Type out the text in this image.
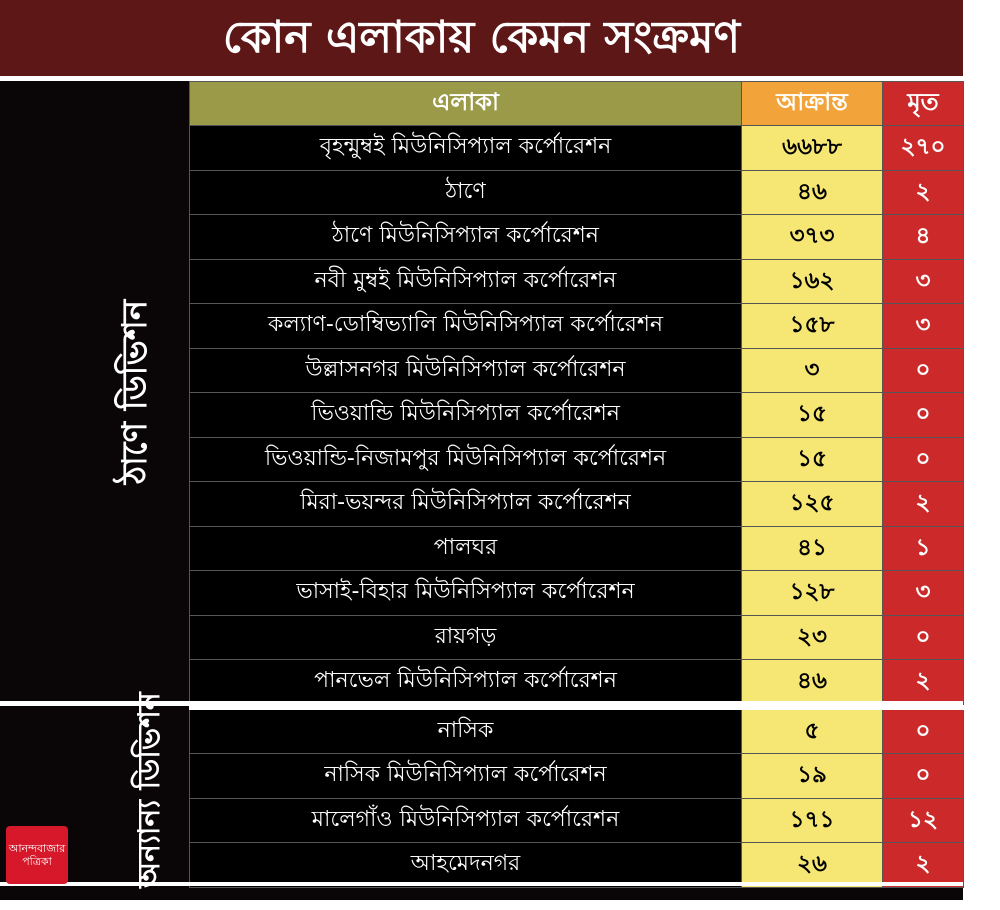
কোন এলাকায় কেমন সংক্রমণ
এলাকা	আক্রান্ত	মৃত
বৃহন্মুম্বই মিউনিসিপ্যাল কর্পোরেশন	৬৬৮৮	২৭০
ঠাণে	৪৬	২
ঠাণে মিউনিসিপ্যাল কর্পোরেশন	৩৭৩	৪
নবী মুম্বই মিউনিসিপ্যাল কর্পোরেশন	১৬২	৩
কল্যাণ-ডোম্বিভ্যালি মিউনিসিপ্যাল কর্পোরেশন	১৫৮	৩
উল্লাসনগর মিউনিসিপ্যাল কর্পোরেশন	৩	০
ভিওয়ান্ডি মিউনিসিপ্যাল কর্পোরেশন	১৫	০
ভিওয়ান্ডি-নিজামপুর মিউনিসিপ্যাল কর্পোরেশন	১৫	০
মিরা-ভয়ন্দর মিউনিসিপ্যাল কর্পোরেশন	১২৫	২
পালঘর	৪১	১
ভাসাই-বিহার মিউনিসিপ্যাল কর্পোরেশন	১২৮	৩
রায়গড়	২৩	০
পানভেল মিউনিসিপ্যাল কর্পোরেশন	৪৬	২

নাসিক	৫	০
নাসিক মিউনিসিপ্যাল কর্পোরেশন	১৯	০
মালেগাঁও মিউনিসিপ্যাল কর্পোরেশন	১৭১	১২
আহমেদনগর	২৬	২
ঠাণে ডিভিশন
অন্যান্য ডিভিশন
আনন্দবাজার
পত্রিকা
